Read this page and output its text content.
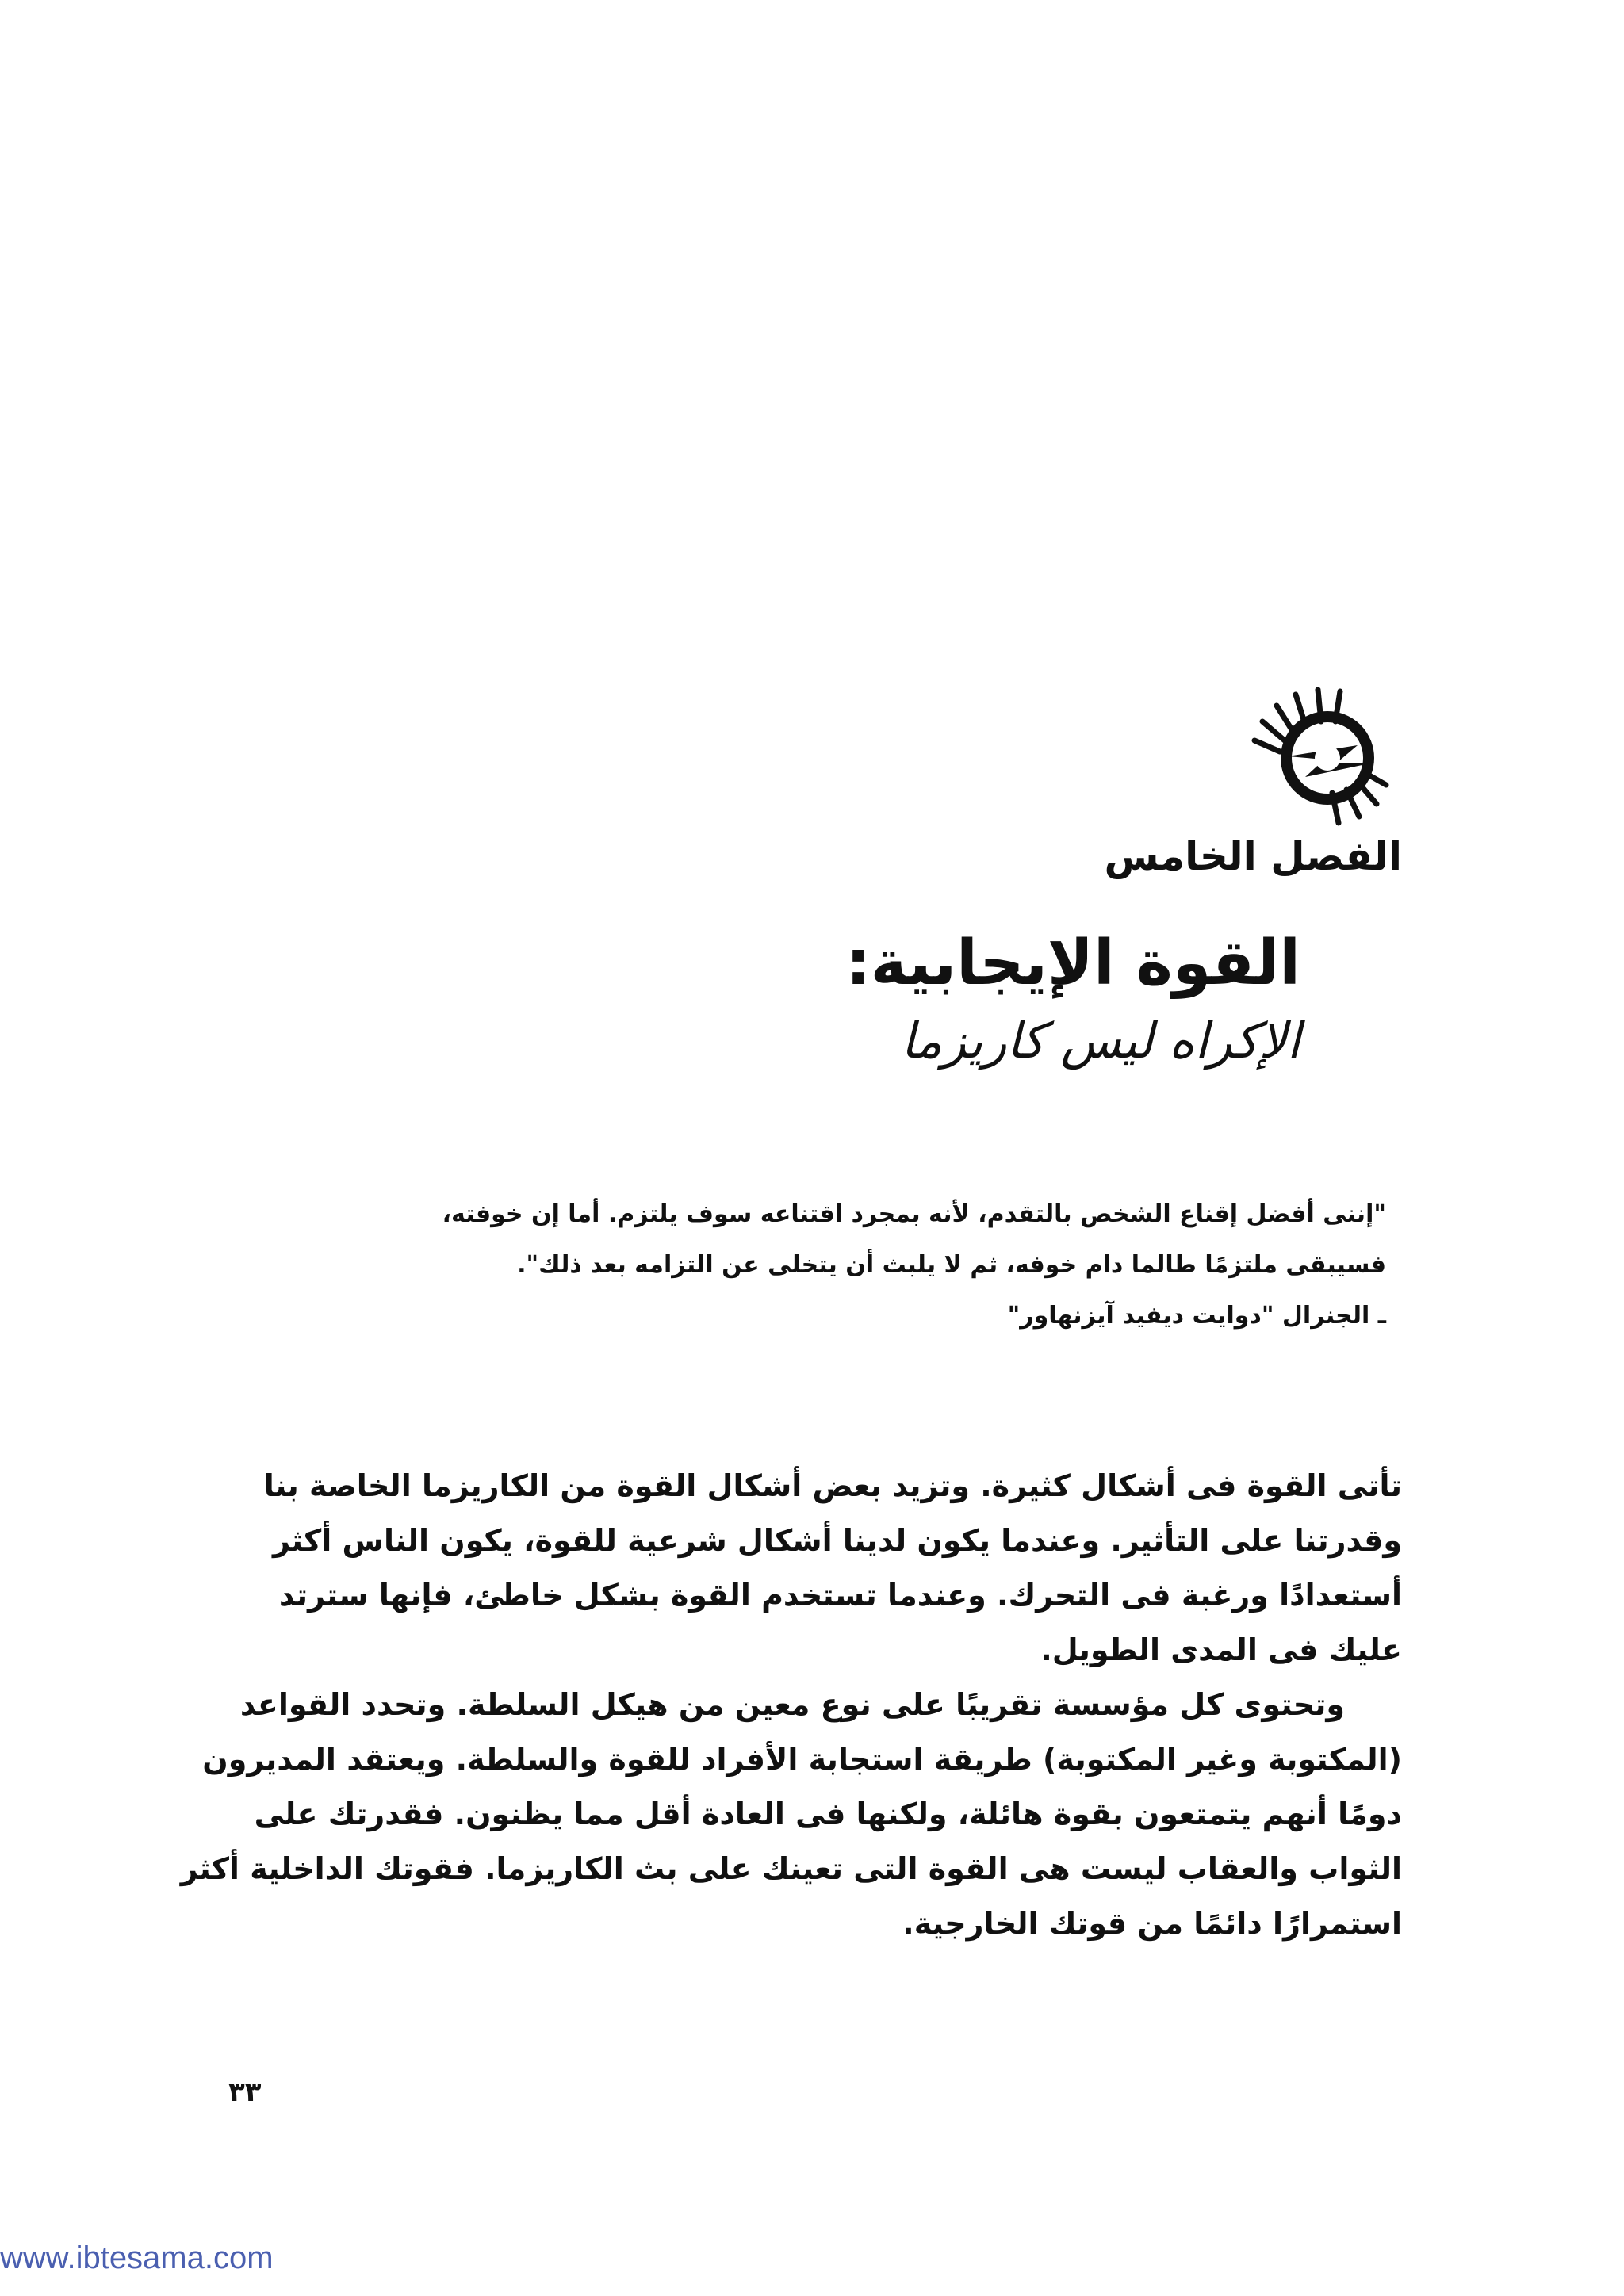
الفصل الخامس
القوة الإيجابية:
الإكراه ليس كاريزما
"إننى أفضل إقناع الشخص بالتقدم، لأنه بمجرد اقتناعه سوف يلتزم. أما إن خوفته،
فسيبقى ملتزمًا طالما دام خوفه، ثم لا يلبث أن يتخلى عن التزامه بعد ذلك".
ـ الجنرال "دوايت ديفيد آيزنهاور"
تأتى القوة فى أشكال كثيرة. وتزيد بعض أشكال القوة من الكاريزما الخاصة بنا
وقدرتنا على التأثير. وعندما يكون لدينا أشكال شرعية للقوة، يكون الناس أكثر
أستعدادًا ورغبة فى التحرك. وعندما تستخدم القوة بشكل خاطئ، فإنها سترتد
عليك فى المدى الطويل.
وتحتوى كل مؤسسة تقريبًا على نوع معين من هيكل السلطة. وتحدد القواعد
(المكتوبة وغير المكتوبة) طريقة استجابة الأفراد للقوة والسلطة. ويعتقد المديرون
دومًا أنهم يتمتعون بقوة هائلة، ولكنها فى العادة أقل مما يظنون. فقدرتك على
الثواب والعقاب ليست هى القوة التى تعينك على بث الكاريزما. فقوتك الداخلية أكثر
استمرارًا دائمًا من قوتك الخارجية.
٣٣
www.ibtesama.com
